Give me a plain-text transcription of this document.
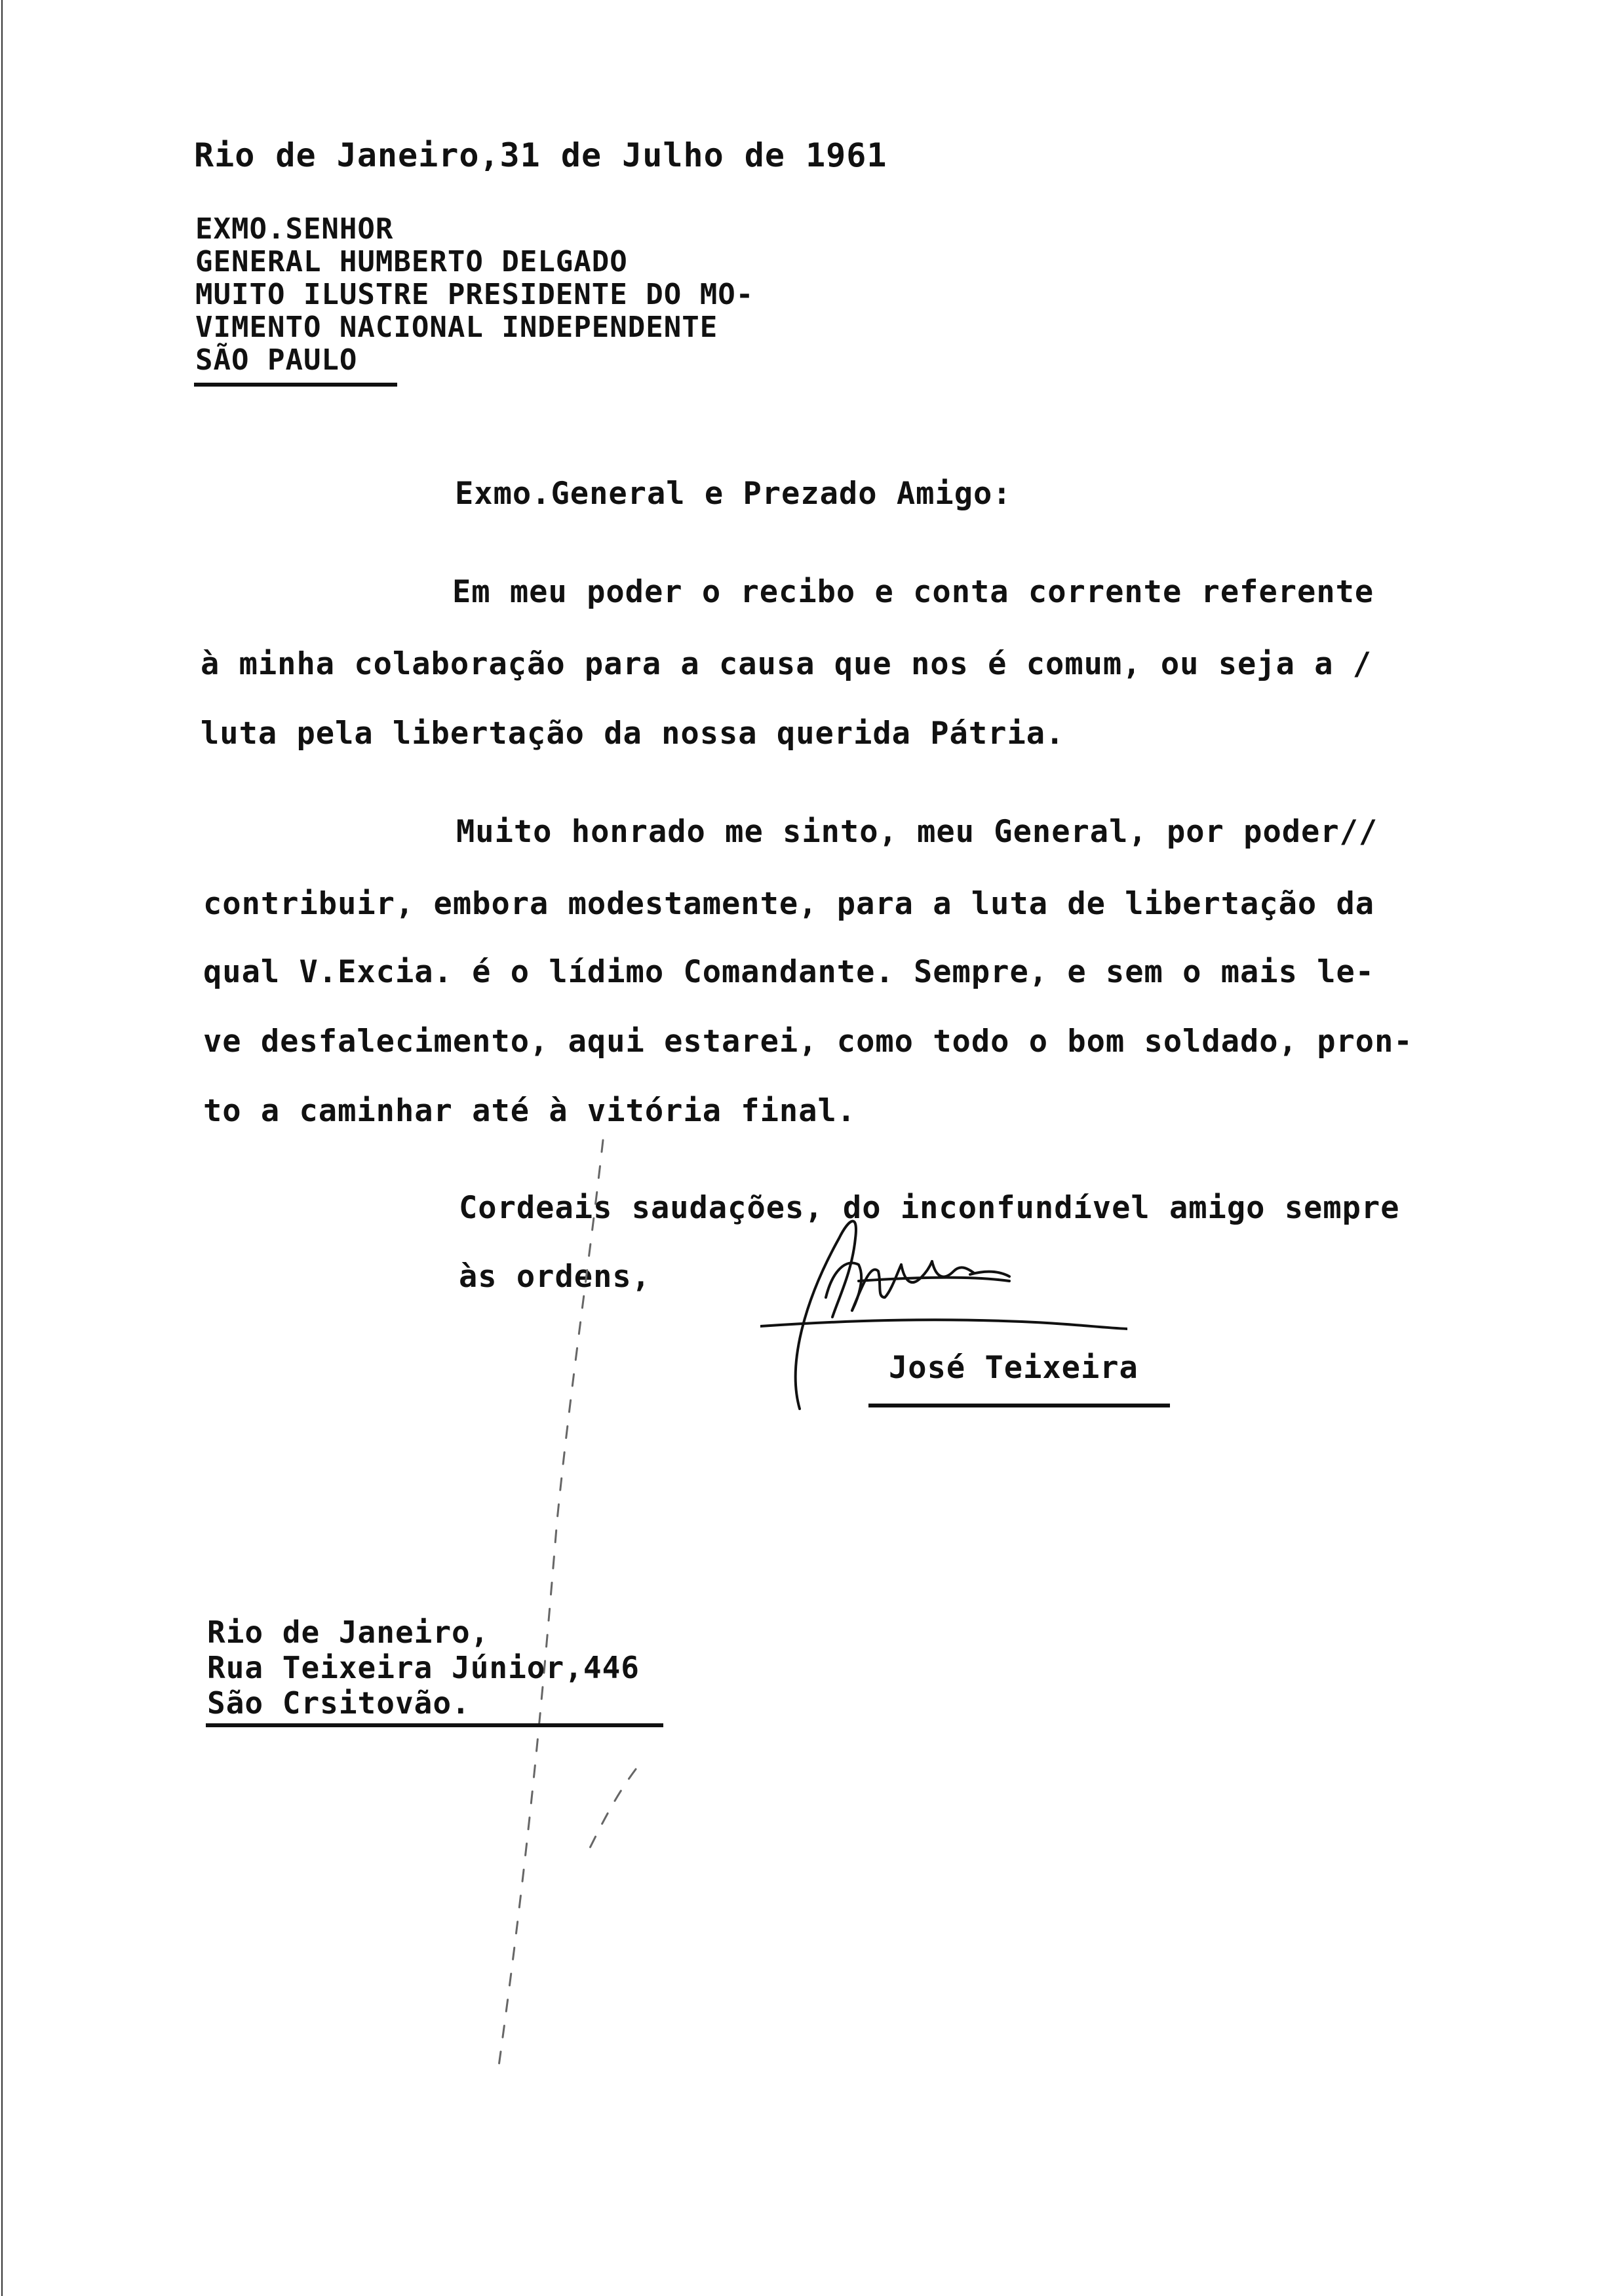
Rio de Janeiro,31 de Julho de 1961
EXMO.SENHOR
GENERAL HUMBERTO DELGADO
MUITO ILUSTRE PRESIDENTE DO MO-
VIMENTO NACIONAL INDEPENDENTE
SÃO PAULO
Exmo.General e Prezado Amigo:
Em meu poder o recibo e conta corrente referente
à minha colaboração para a causa que nos é comum, ou seja a /
luta pela libertação da nossa querida Pátria.
Muito honrado me sinto, meu General, por poder//
contribuir, embora modestamente, para a luta de libertação da
qual V.Excia. é o lídimo Comandante. Sempre, e sem o mais le-
ve desfalecimento, aqui estarei, como todo o bom soldado, pron-
to a caminhar até à vitória final.
Cordeais saudações, do inconfundível amigo sempre
às ordens,
José Teixeira
Rio de Janeiro,
Rua Teixeira Júnior,446
São Crsitovão.
